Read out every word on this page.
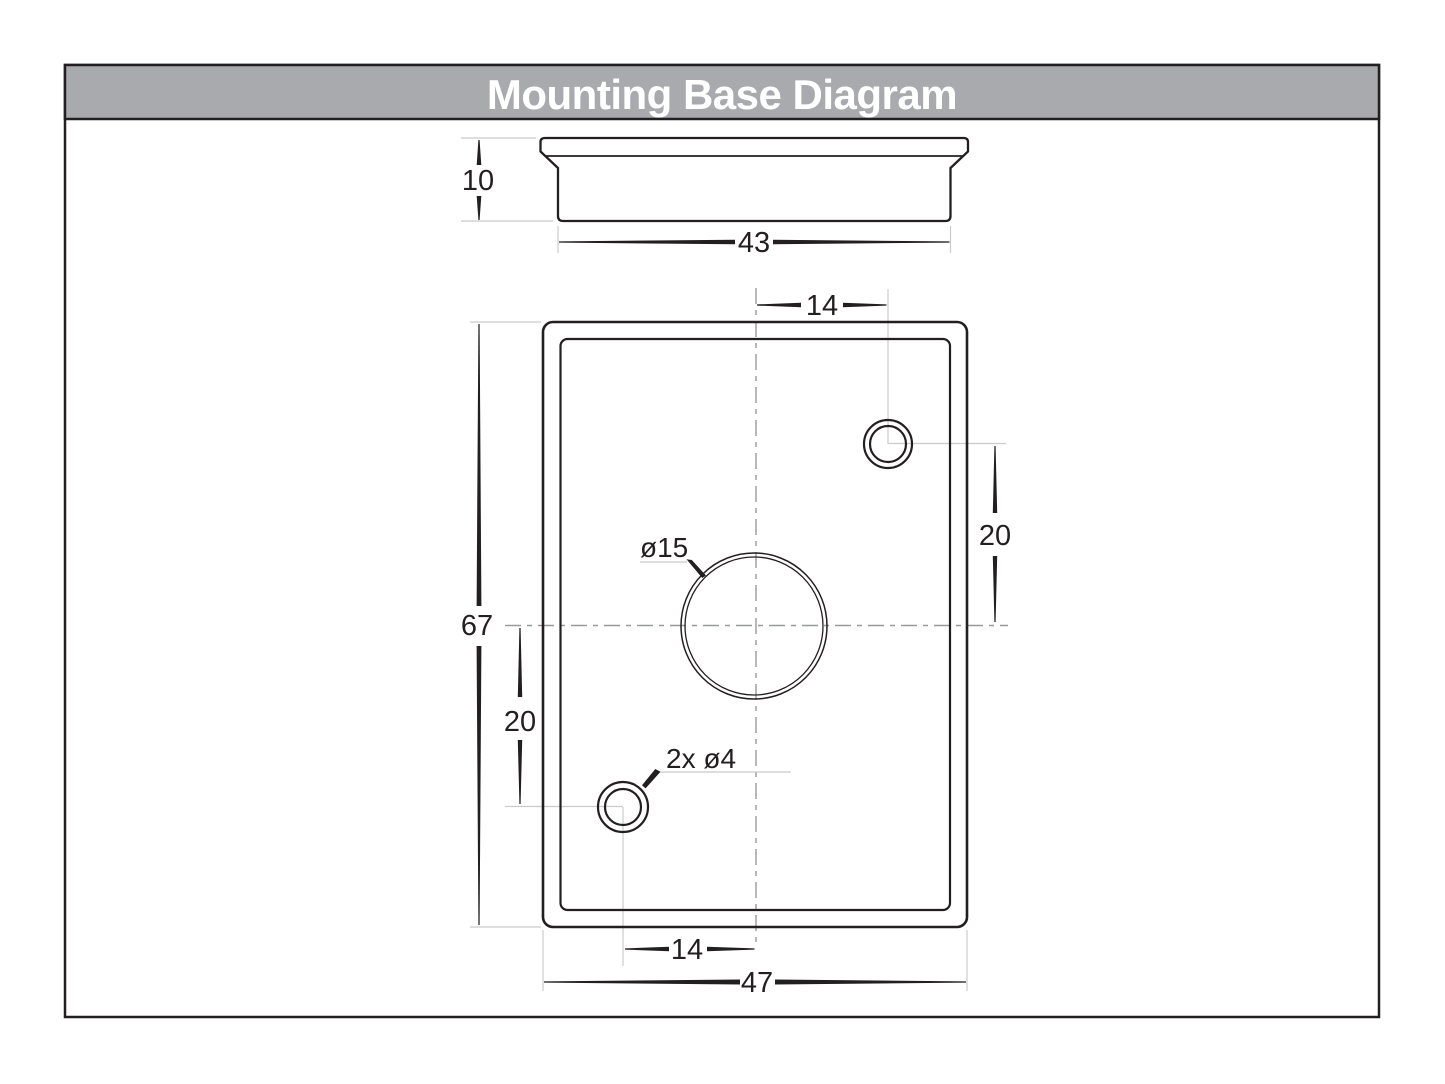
Mounting Base Diagram
10
43
14
20
67
20
14
47
ø15
2x ø4
